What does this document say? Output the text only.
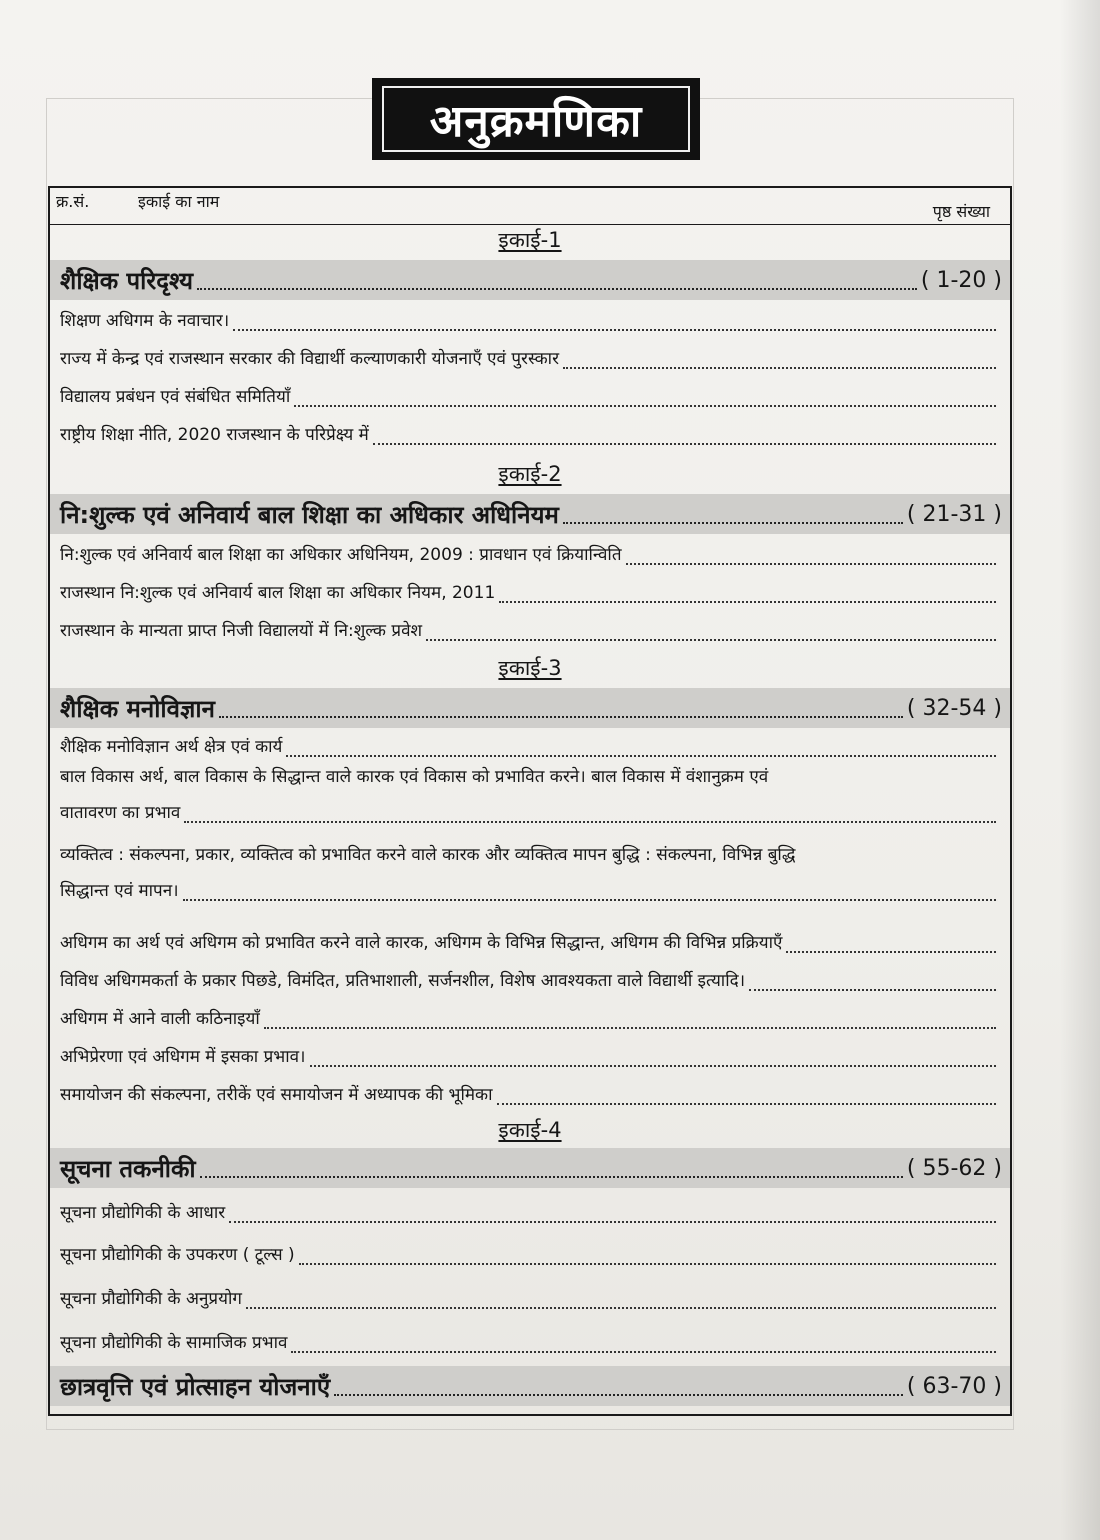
अनुक्रमणिका
क्र.सं.	इकाई का नाम
पृष्ठ संख्या
इकाई-1
शैक्षिक परिदृश्य	( 1-20 )
शिक्षण अधिगम के नवाचार।
राज्य में केन्द्र एवं राजस्थान सरकार की विद्यार्थी कल्याणकारी योजनाएँ एवं पुरस्कार
विद्यालय प्रबंधन एवं संबंधित समितियाँ
राष्ट्रीय शिक्षा नीति, 2020 राजस्थान के परिप्रेक्ष्य में
इकाई-2
नि:शुल्क एवं अनिवार्य बाल शिक्षा का अधिकार अधिनियम	( 21-31 )
नि:शुल्क एवं अनिवार्य बाल शिक्षा का अधिकार अधिनियम, 2009 : प्रावधान एवं क्रियान्विति
राजस्थान नि:शुल्क एवं अनिवार्य बाल शिक्षा का अधिकार नियम, 2011
राजस्थान के मान्यता प्राप्त निजी विद्यालयों में नि:शुल्क प्रवेश
इकाई-3
शैक्षिक मनोविज्ञान	( 32-54 )
शैक्षिक मनोविज्ञान अर्थ क्षेत्र एवं कार्य
बाल विकास अर्थ, बाल विकास के सिद्धान्त वाले कारक एवं विकास को प्रभावित करने। बाल विकास में वंशानुक्रम एवं
वातावरण का प्रभाव
व्यक्तित्व : संकल्पना, प्रकार, व्यक्तित्व को प्रभावित करने वाले कारक और व्यक्तित्व मापन बुद्धि : संकल्पना, विभिन्न बुद्धि
सिद्धान्त एवं मापन।
अधिगम का अर्थ एवं अधिगम को प्रभावित करने वाले कारक, अधिगम के विभिन्न सिद्धान्त, अधिगम की विभिन्न प्रक्रियाएँ
विविध अधिगमकर्ता के प्रकार पिछडे, विमंदित, प्रतिभाशाली, सर्जनशील, विशेष आवश्यकता वाले विद्यार्थी इत्यादि।
अधिगम में आने वाली कठिनाइयाँ
अभिप्रेरणा एवं अधिगम में इसका प्रभाव।
समायोजन की संकल्पना, तरीकें एवं समायोजन में अध्यापक की भूमिका
इकाई-4
सूचना तकनीकी	( 55-62 )
सूचना प्रौद्योगिकी के आधार
सूचना प्रौद्योगिकी के उपकरण ( टूल्स )
सूचना प्रौद्योगिकी के अनुप्रयोग
सूचना प्रौद्योगिकी के सामाजिक प्रभाव
छात्रवृत्ति एवं प्रोत्साहन योजनाएँ	( 63-70 )
